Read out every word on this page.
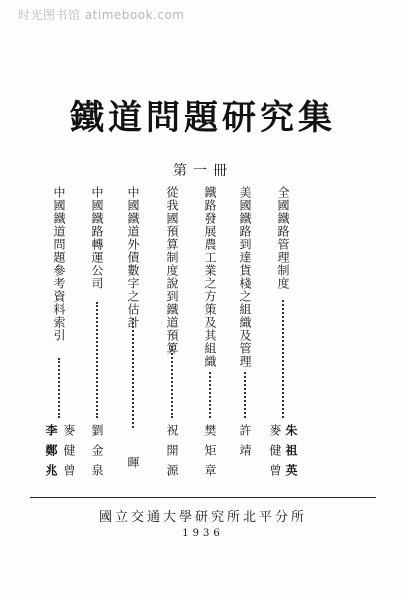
时光图书馆 atimebook.com
鐵道問題研究集
第一冊
全國鐵路管理制度
麥健曾 朱祖英
美國鐵路到達貨棧之組織及管理
許靖
鐵路發展農工業之方策及其組織
樊矩章
從我國預算制度說到鐵道預算
祝開源
中國鐵道外債數字之估計
暉
中國鐵路轉運公司
劉金泉
中國鐵道問題參考資料索引
麥健曾
李鄭兆
國立交通大學研究所北平分所
1936
